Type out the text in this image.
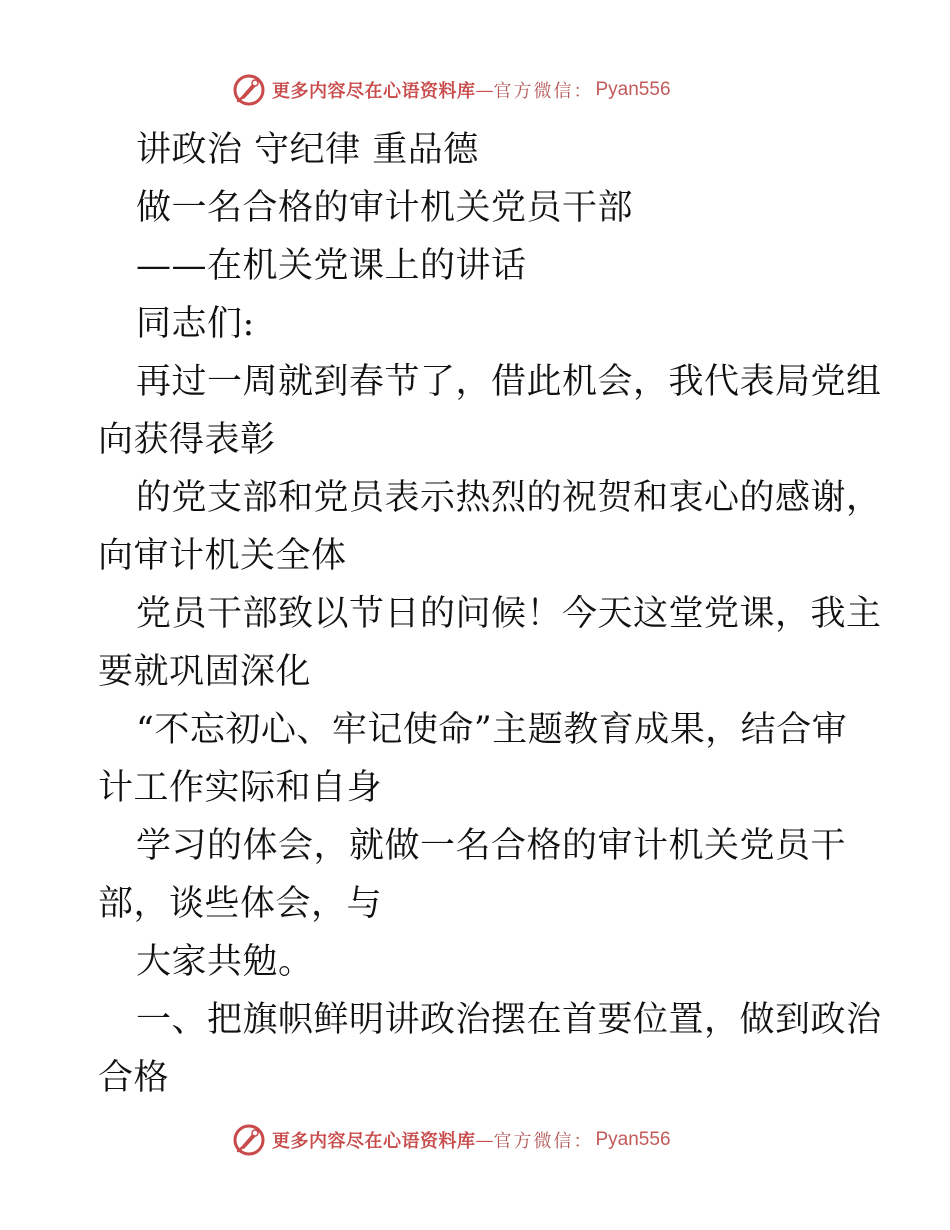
更多内容尽在心语资料库 — 官方微信： Pyan556
讲政治 守纪律 重品德
做一名合格的审计机关党员干部
——在机关党课上的讲话
同志们:
再过一周就到春节了，借此机会，我代表局党组
向获得表彰
的党支部和党员表示热烈的祝贺和衷心的感谢，
向审计机关全体
党员干部致以节日的问候！今天这堂党课，我主
要就巩固深化
“不忘初心、牢记使命”主题教育成果，结合审
计工作实际和自身
学习的体会，就做一名合格的审计机关党员干
部，谈些体会，与
大家共勉。
一、把旗帜鲜明讲政治摆在首要位置，做到政治
合格
更多内容尽在心语资料库 — 官方微信： Pyan556
